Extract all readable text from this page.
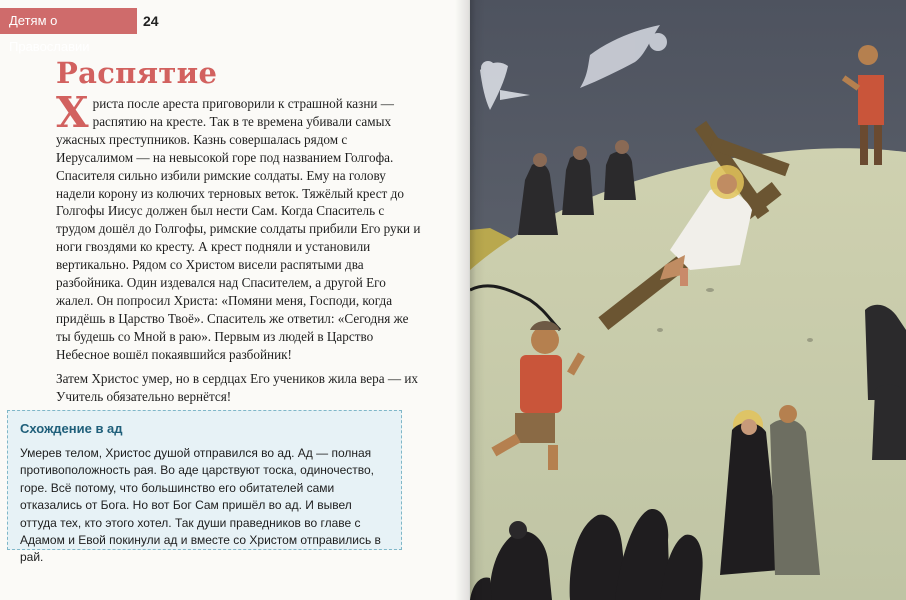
Детям о Православии
24
Распятие
Христа после ареста приговорили к страшной казни — распятию на кресте. Так в те времена убивали самых ужасных преступников. Казнь совершалась рядом с Иерусалимом — на невысокой горе под названием Голгофа. Спасителя сильно избили римские солдаты. Ему на голову надели корону из колючих терновых веток. Тяжёлый крест до Голгофы Иисус должен был нести Сам. Когда Спаситель с трудом дошёл до Голгофы, римские солдаты прибили Его руки и ноги гвоздями ко кресту. А крест подняли и установили вертикально. Рядом со Христом висели распятыми два разбойника. Один издевался над Спасителем, а другой Его жалел. Он попросил Христа: «Помяни меня, Господи, когда придёшь в Царство Твоё». Спаситель же ответил: «Сегодня же ты будешь со Мной в раю». Первым из людей в Царство Небесное вошёл покаявшийся разбойник!
Затем Христос умер, но в сердцах Его учеников жила вера — их Учитель обязательно вернётся!
Схождение в ад
Умерев телом, Христос душой отправился во ад. Ад — полная противоположность рая. Во аде царствуют тоска, одиночество, горе. Всё потому, что большинство его обитателей сами отказались от Бога. Но вот Бог Сам пришёл во ад. И вывел оттуда тех, кто этого хотел. Так души праведников во главе с Адамом и Евой покинули ад и вместе со Христом отправились в рай.
